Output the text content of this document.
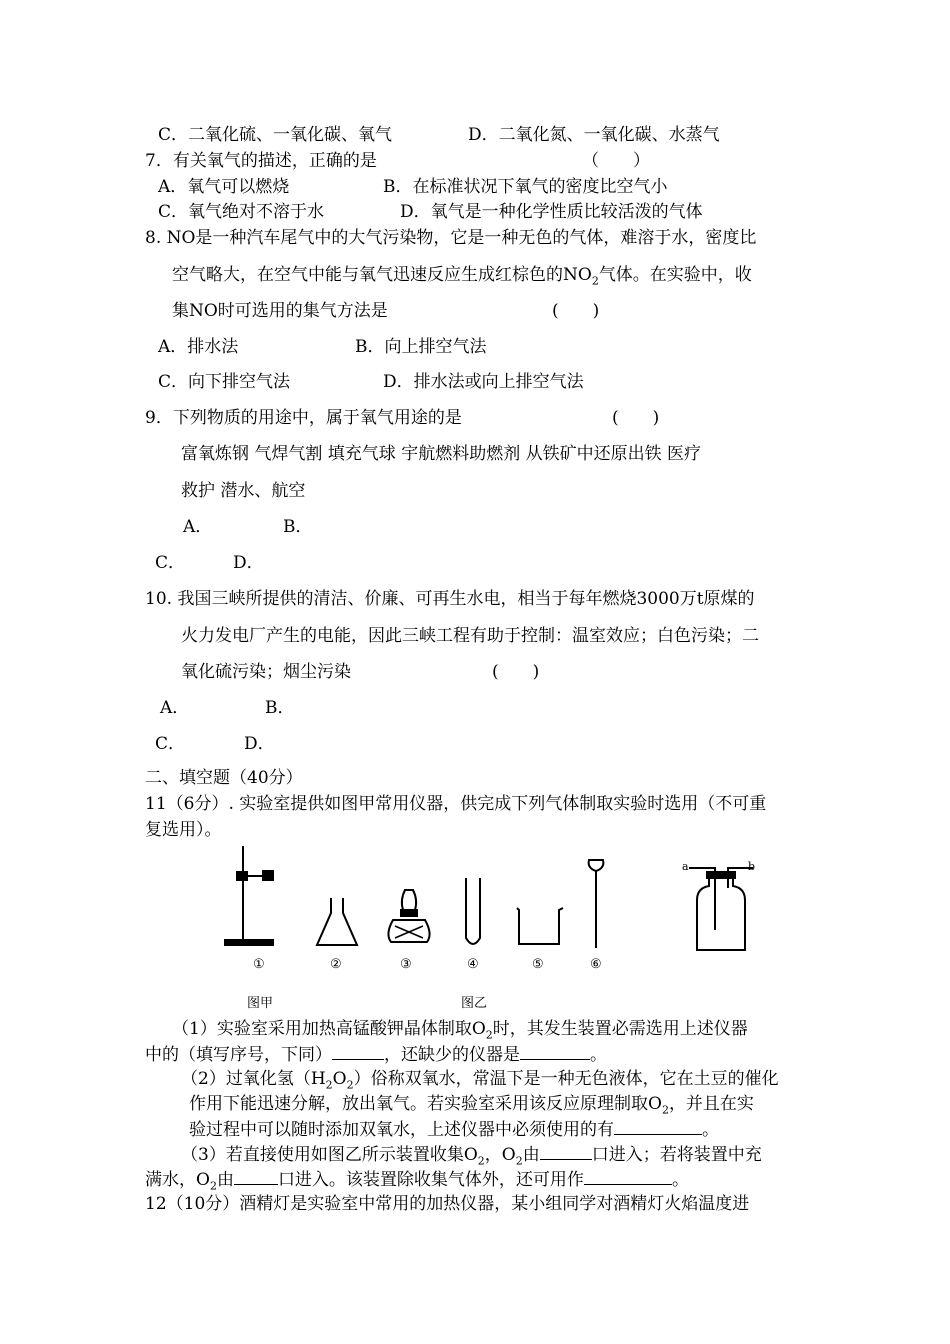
C．二氧化硫、一氧化碳、氧气	D．二氧化氮、一氧化碳、水蒸气
7．有关氧气的描述，正确的是	（　　）
A．氧气可以燃烧	B．在标准状况下氧气的密度比空气小
C．氧气绝对不溶于水	D．氧气是一种化学性质比较活泼的气体
8. NO是一种汽车尾气中的大气污染物，它是一种无色的气体，难溶于水，密度比
空气略大，在空气中能与氧气迅速反应生成红棕色的$NO_2$气体。在实验中，收
集NO时可选用的集气方法是	(　　)
A．排水法	B．向上排空气法
C．向下排空气法	D．排水法或向上排空气法
9．下列物质的用途中，属于氧气用途的是	(　　)
富氧炼钢 气焊气割 填充气球 宇航燃料助燃剂 从铁矿中还原出铁 医疗
救护 潜水、航空
A．	B．
C．	D．
10. 我国三峡所提供的清洁、价廉、可再生水电，相当于每年燃烧3000万t原煤的
火力发电厂产生的电能，因此三峡工程有助于控制：温室效应；白色污染；二
氧化硫污染；烟尘污染	(　　)
A．	B．
C．	D．
二、填空题（40分）
11（6分）. 实验室提供如图甲常用仪器，供完成下列气体制取实验时选用（不可重
复选用）。
①	②	③	④	⑤	⑥
a	b
图甲	图乙
（1）实验室采用加热高锰酸钾晶体制取$O_2$时，其发生装置必需选用上述仪器
中的（填写序号，下同）	，还缺少的仪器是	。
（2）过氧化氢$(H_2O_2)$俗称双氧水，常温下是一种无色液体，它在土豆的催化
作用下能迅速分解，放出氧气。若实验室采用该反应原理制取$O_2$，并且在实
验过程中可以随时添加双氧水，上述仪器中必须使用的有	。
（3）若直接使用如图乙所示装置收集$O_2$，$O_2$由	口进入；若将装置中充
满水，$O_2$由	口进入。该装置除收集气体外，还可用作	。
12（10分）酒精灯是实验室中常用的加热仪器，某小组同学对酒精灯火焰温度进
